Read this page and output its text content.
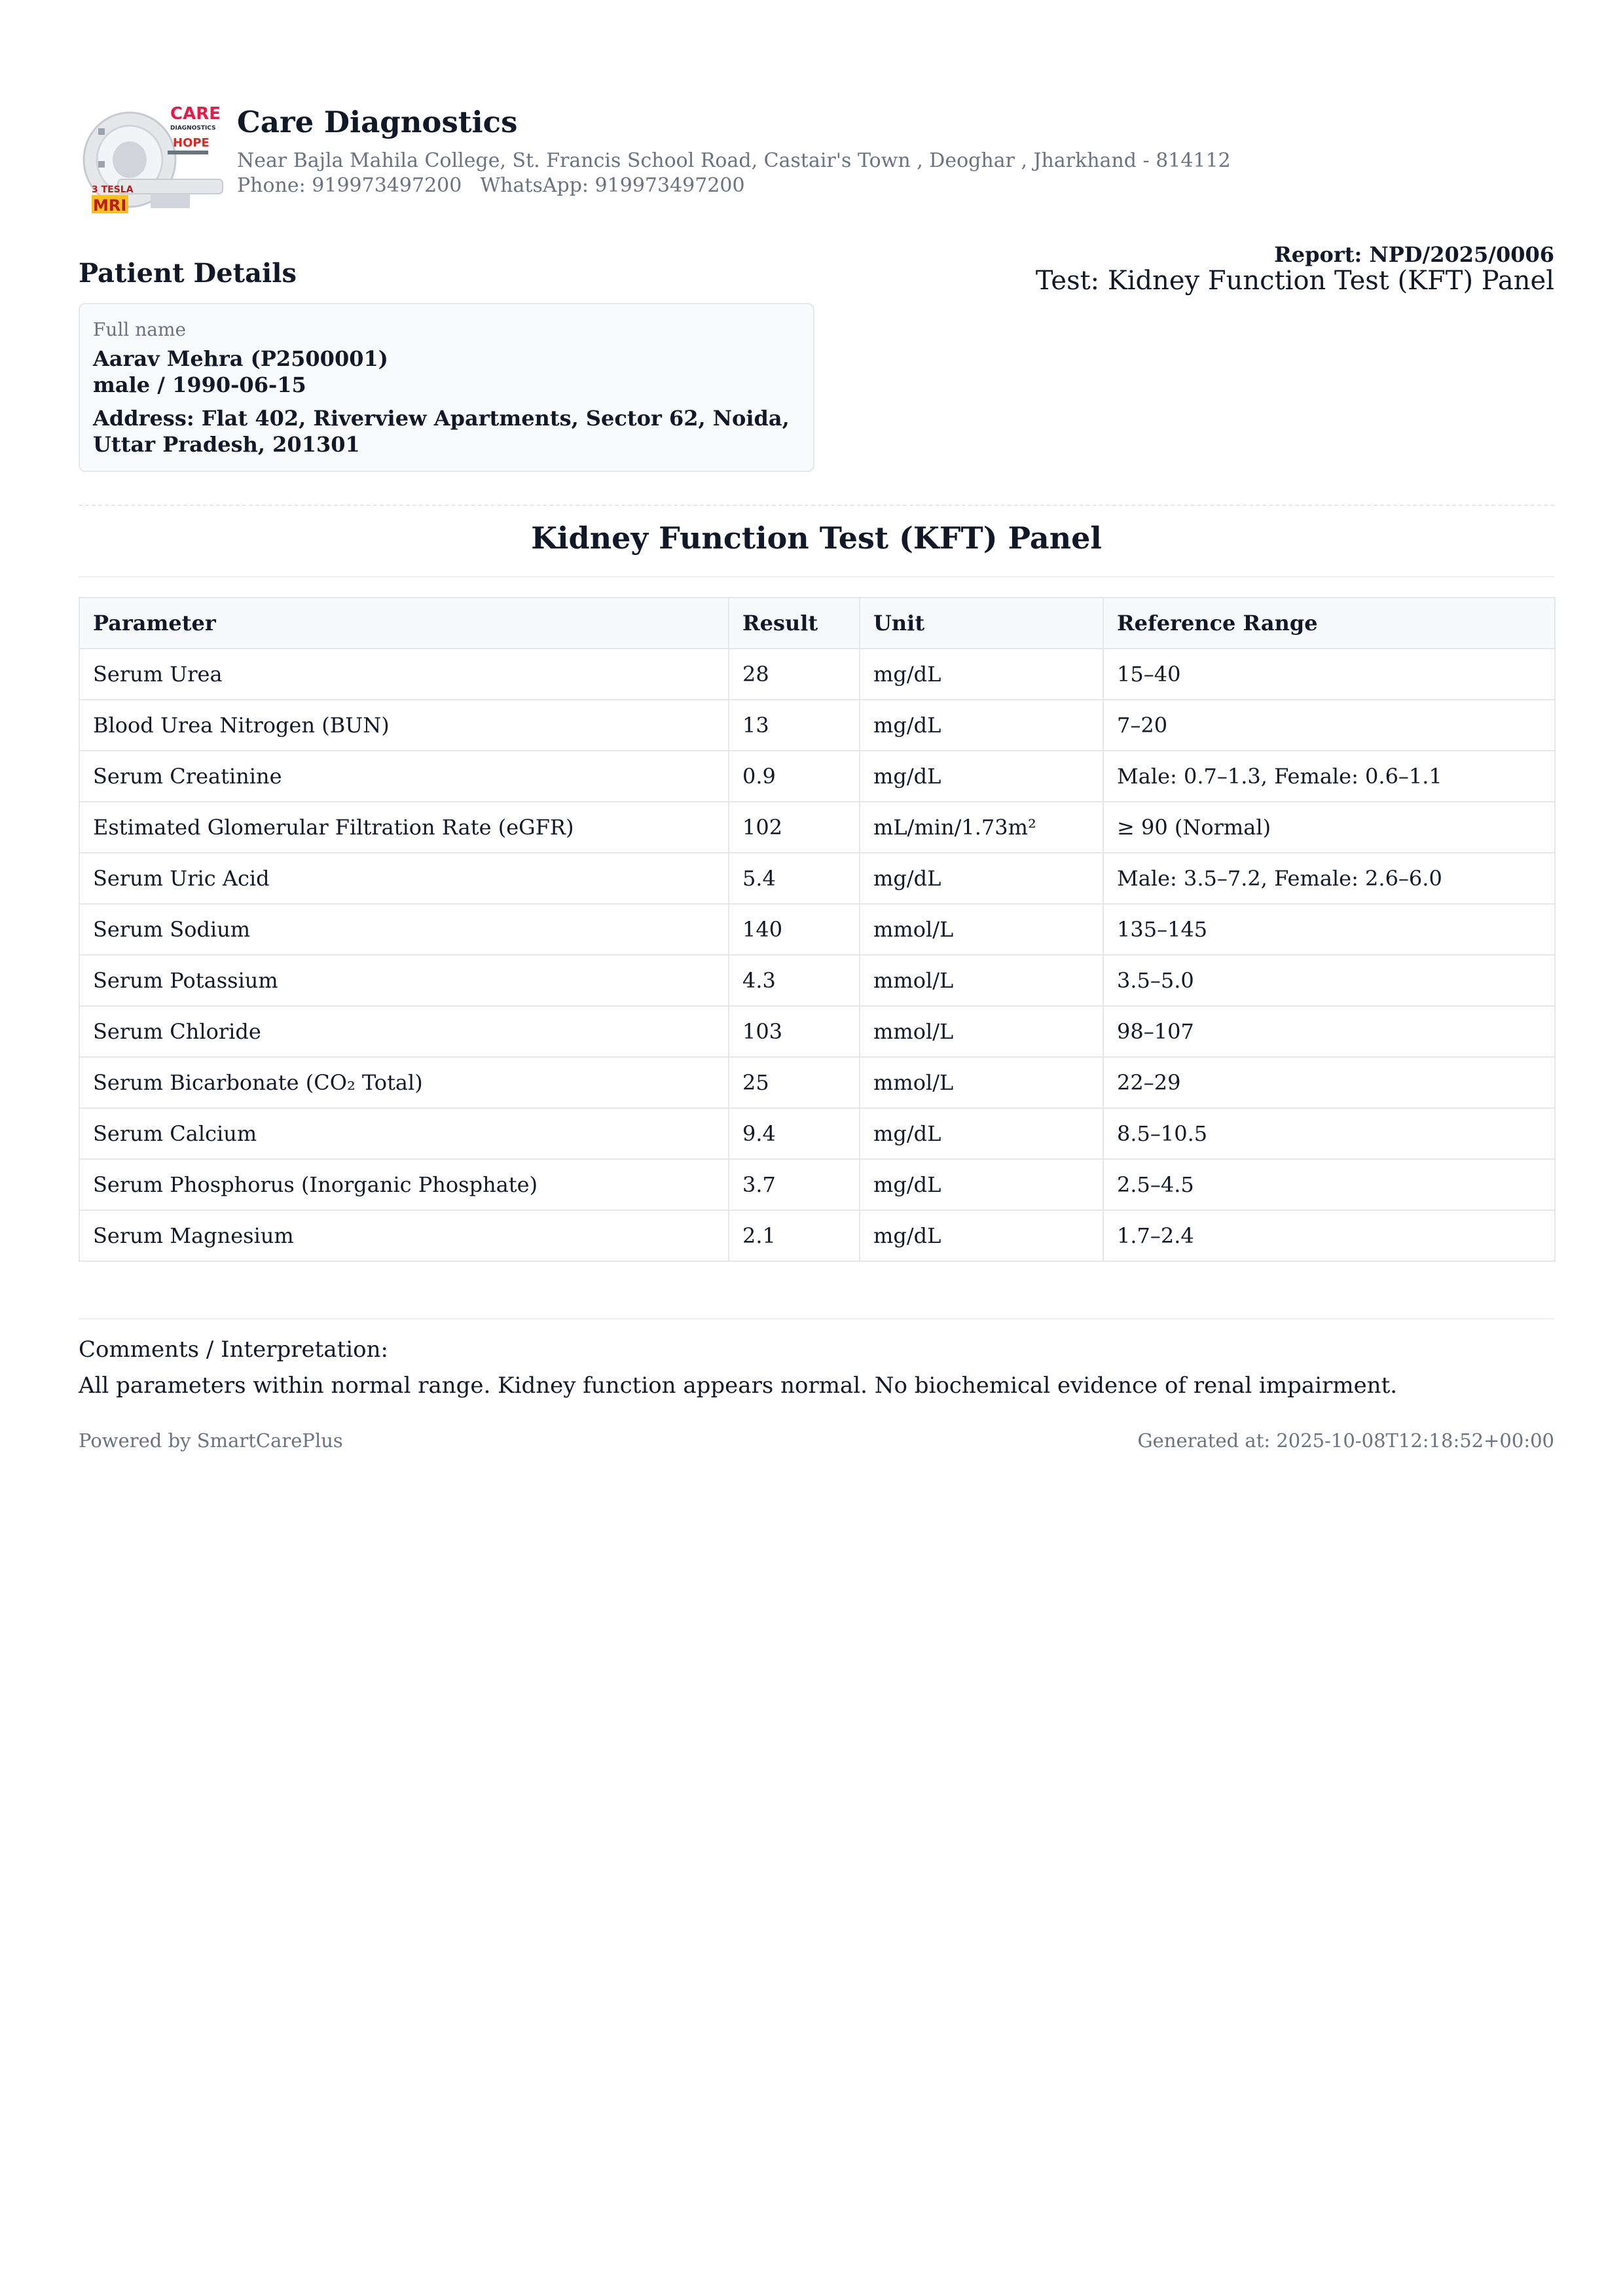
CARE
DIAGNOSTICS
HOPE
3 TESLA
MRI
Care Diagnostics
Near Bajla Mahila College, St. Francis School Road, Castair's Town , Deoghar , Jharkhand - 814112
Phone: 919973497200 WhatsApp: 919973497200
Report: NPD/2025/0006
Test: Kidney Function Test (KFT) Panel
Patient Details
Full name
Aarav Mehra (P2500001)
male / 1990-06-15
Address: Flat 402, Riverview Apartments, Sector 62, Noida, Uttar Pradesh, 201301
Kidney Function Test (KFT) Panel
Parameter	Result	Unit	Reference Range
Serum Urea	28	mg/dL	15–40
Blood Urea Nitrogen (BUN)	13	mg/dL	7–20
Serum Creatinine	0.9	mg/dL	Male: 0.7–1.3, Female: 0.6–1.1
Estimated Glomerular Filtration Rate (eGFR)	102	mL/min/1.73m²	≥ 90 (Normal)
Serum Uric Acid	5.4	mg/dL	Male: 3.5–7.2, Female: 2.6–6.0
Serum Sodium	140	mmol/L	135–145
Serum Potassium	4.3	mmol/L	3.5–5.0
Serum Chloride	103	mmol/L	98–107
Serum Bicarbonate (CO₂ Total)	25	mmol/L	22–29
Serum Calcium	9.4	mg/dL	8.5–10.5
Serum Phosphorus (Inorganic Phosphate)	3.7	mg/dL	2.5–4.5
Serum Magnesium	2.1	mg/dL	1.7–2.4
Comments / Interpretation:
All parameters within normal range. Kidney function appears normal. No biochemical evidence of renal impairment.
Powered by SmartCarePlus	Generated at: 2025-10-08T12:18:52+00:00
